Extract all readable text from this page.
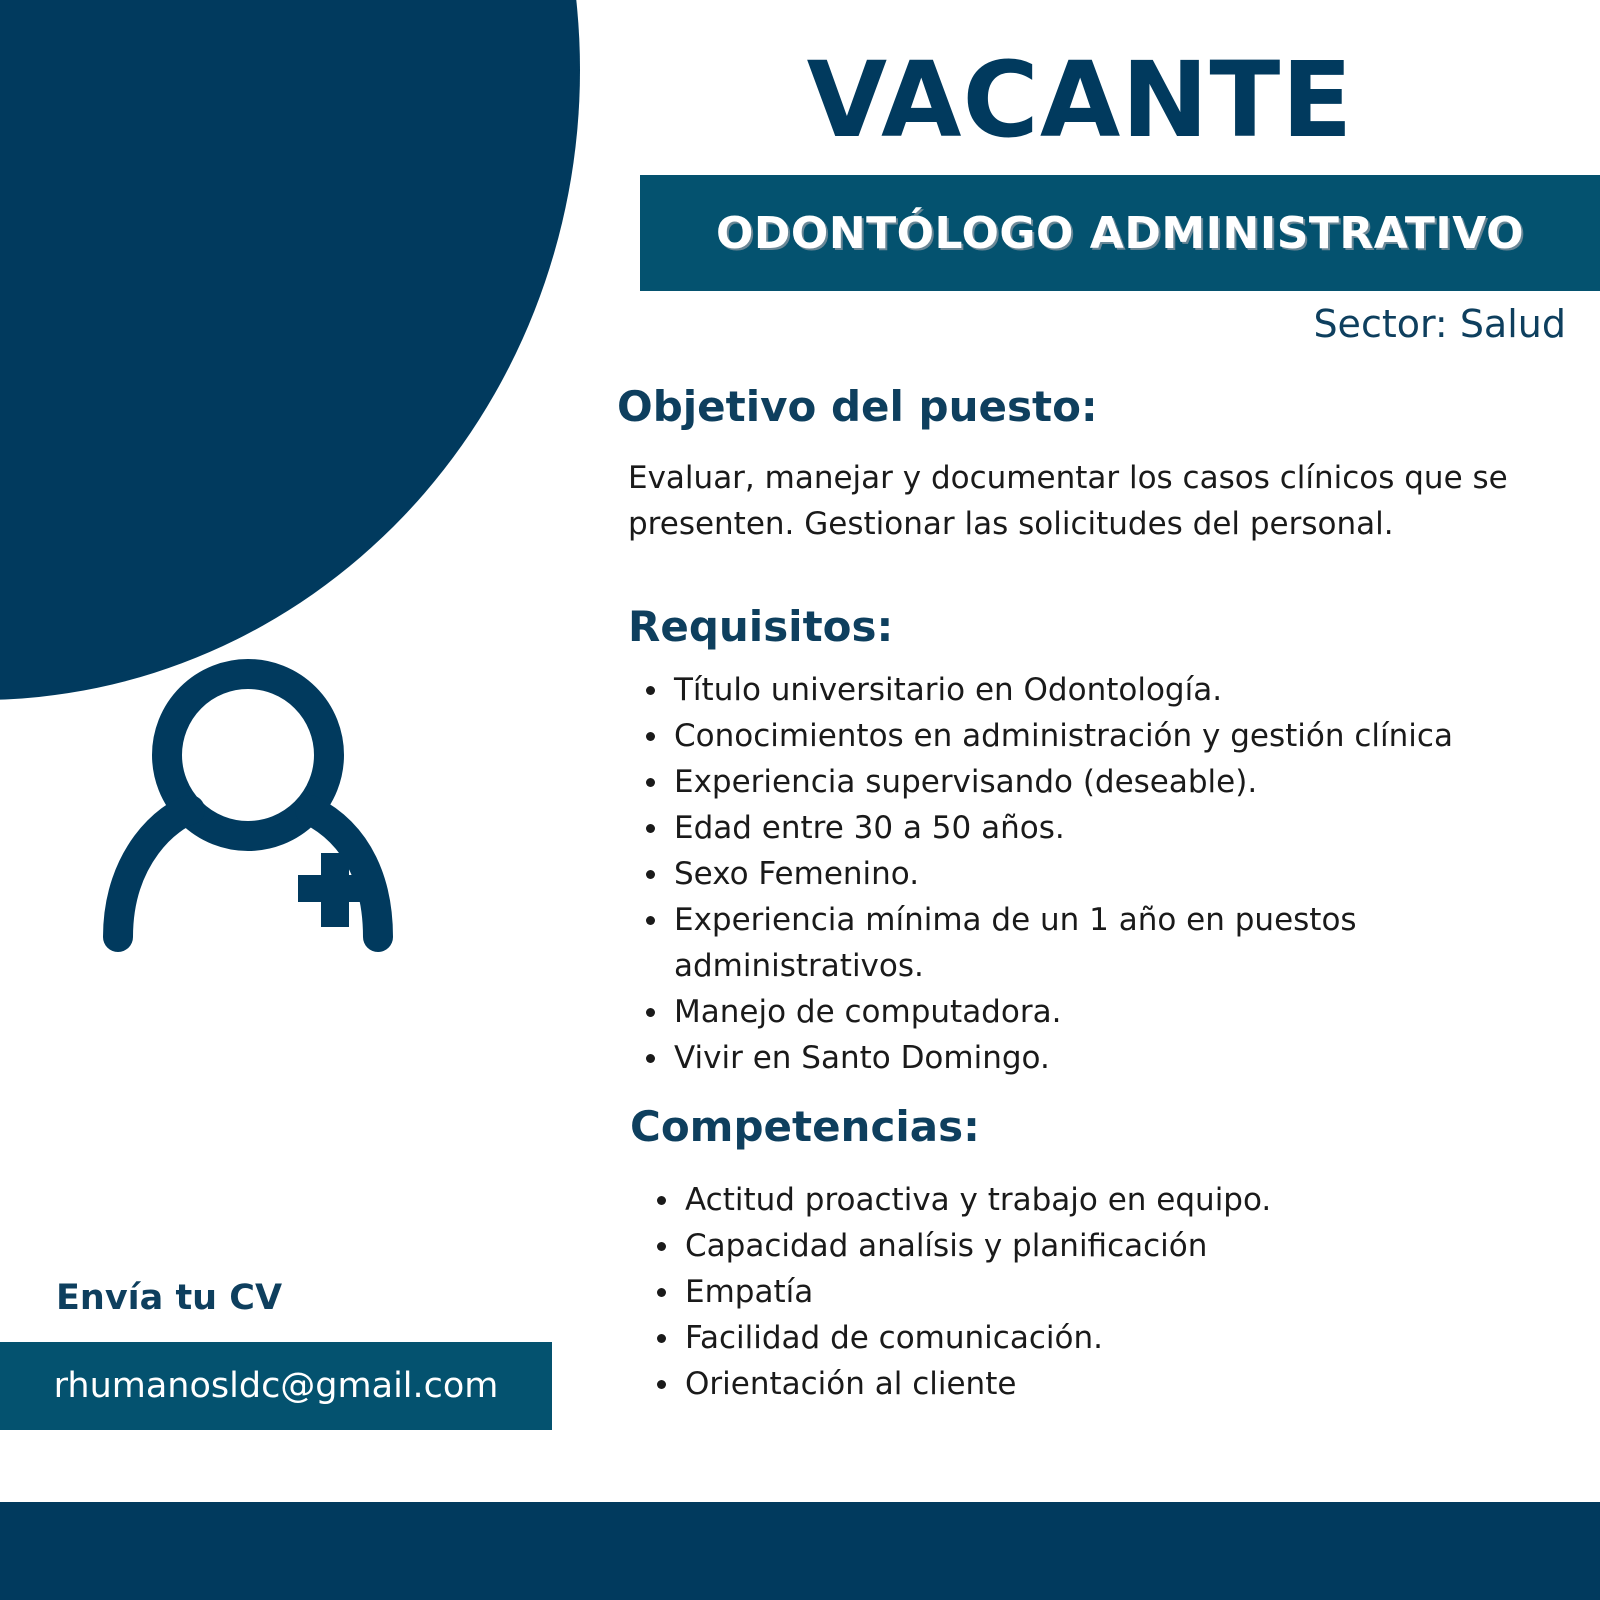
VACANTE
ODONTÓLOGO ADMINISTRATIVO
Sector: Salud
Objetivo del puesto:

Evaluar, manejar y documentar los casos clínicos que se presenten. Gestionar las solicitudes del personal.

Requisitos:
Título universitario en Odontología.
Conocimientos en administración y gestión clínica
Experiencia supervisando (deseable).
Edad entre 30 a 50 años.
Sexo Femenino.
Experiencia mínima de un 1 año en puestos administrativos.
Manejo de computadora.
Vivir en Santo Domingo.
Competencias:
Actitud proactiva y trabajo en equipo.
Capacidad analísis y planificación
Empatía
Facilidad de comunicación.
Orientación al cliente
Envía tu CV
rhumanosldc@gmail.com
